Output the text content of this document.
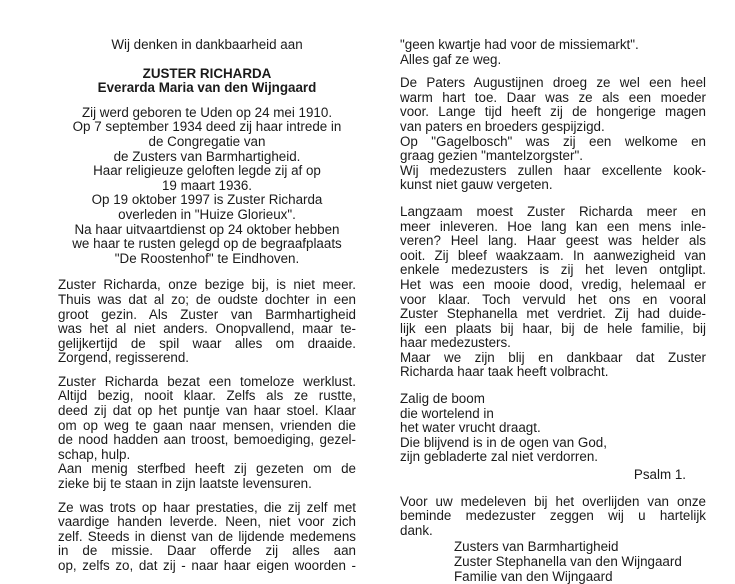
Wij denken in dankbaarheid aan
ZUSTER RICHARDA
Everarda Maria van den Wijngaard
Zij werd geboren te Uden op 24 mei 1910.
Op 7 september 1934 deed zij haar intrede in
de Congregatie van
de Zusters van Barmhartigheid.
Haar religieuze geloften legde zij af op
19 maart 1936.
Op 19 oktober 1997 is Zuster Richarda
overleden in "Huize Glorieux".
Na haar uitvaartdienst op 24 oktober hebben
we haar te rusten gelegd op de begraafplaats
"De Roostenhof" te Eindhoven.
Zuster Richarda, onze bezige bij, is niet meer.
Thuis was dat al zo; de oudste dochter in een
groot gezin. Als Zuster van Barmhartigheid
was het al niet anders. Onopvallend, maar te-
gelijkertijd de spil waar alles om draaide.
Zorgend, regisserend.
Zuster Richarda bezat een tomeloze werklust.
Altijd bezig, nooit klaar. Zelfs als ze rustte,
deed zij dat op het puntje van haar stoel. Klaar
om op weg te gaan naar mensen, vrienden die
de nood hadden aan troost, bemoediging, gezel-
schap, hulp.
Aan menig sterfbed heeft zij gezeten om de
zieke bij te staan in zijn laatste levensuren.
Ze was trots op haar prestaties, die zij zelf met
vaardige handen leverde. Neen, niet voor zich
zelf. Steeds in dienst van de lijdende medemens
in de missie. Daar offerde zij alles aan
op, zelfs zo, dat zij - naar haar eigen woorden -
"geen kwartje had voor de missiemarkt".
Alles gaf ze weg.
De Paters Augustijnen droeg ze wel een heel
warm hart toe. Daar was ze als een moeder
voor. Lange tijd heeft zij de hongerige magen
van paters en broeders gespijzigd.
Op "Gagelbosch" was zij een welkome en
graag gezien "mantelzorgster".
Wij medezusters zullen haar excellente kook-
kunst niet gauw vergeten.
Langzaam moest Zuster Richarda meer en
meer inleveren. Hoe lang kan een mens inle-
veren? Heel lang. Haar geest was helder als
ooit. Zij bleef waakzaam. In aanwezigheid van
enkele medezusters is zij het leven ontglipt.
Het was een mooie dood, vredig, helemaal er
voor klaar. Toch vervuld het ons en vooral
Zuster Stephanella met verdriet. Zij had duide-
lijk een plaats bij haar, bij de hele familie, bij
haar medezusters.
Maar we zijn blij en dankbaar dat Zuster
Richarda haar taak heeft volbracht.
Zalig de boom
die wortelend in
het water vrucht draagt.
Die blijvend is in de ogen van God,
zijn gebladerte zal niet verdorren.
Psalm 1.
Voor uw medeleven bij het overlijden van onze
beminde medezuster zeggen wij u hartelijk
dank.
Zusters van Barmhartigheid
Zuster Stephanella van den Wijngaard
Familie van den Wijngaard
